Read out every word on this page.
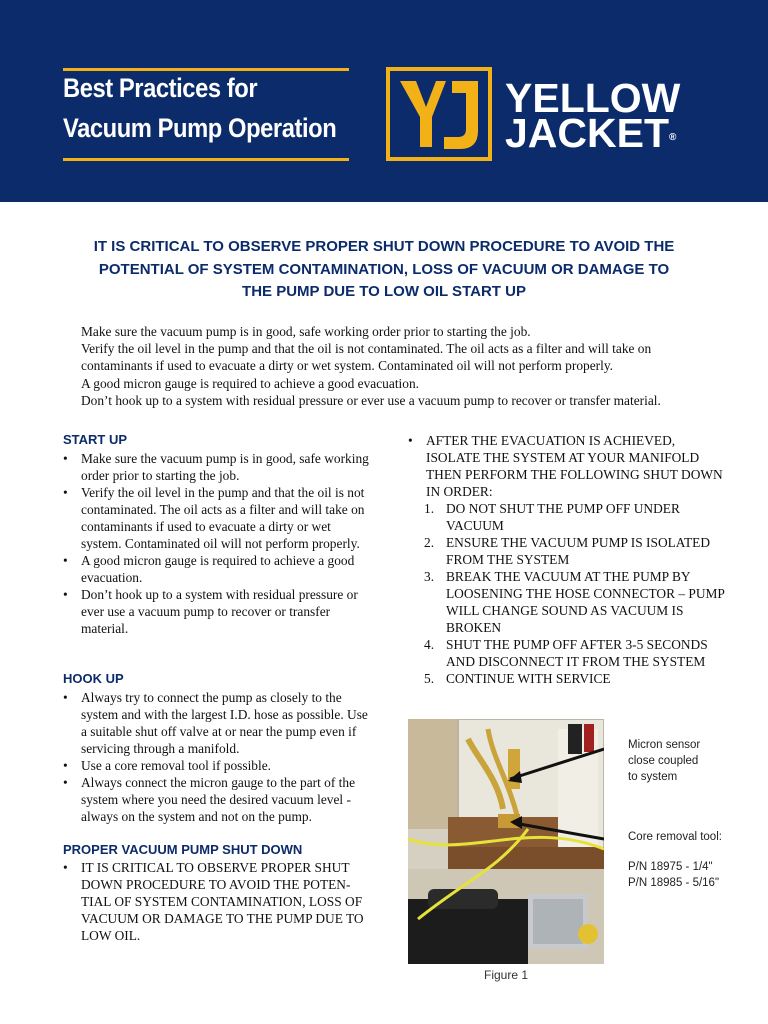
Best Practices for
Vacuum Pump Operation
YELLOW
JACKET®
IT IS CRITICAL TO OBSERVE PROPER SHUT DOWN PROCEDURE TO AVOID THE
POTENTIAL OF SYSTEM CONTAMINATION, LOSS OF VACUUM OR DAMAGE TO
THE PUMP DUE TO LOW OIL START UP

Make sure the vacuum pump is in good, safe working order prior to starting the job.

Verify the oil level in the pump and that the oil is not contaminated. The oil acts as a filter and will take on contaminants if used to evacuate a dirty or wet system. Contaminated oil will not perform properly.

A good micron gauge is required to achieve a good evacuation.

Don’t hook up to a system with residual pressure or ever use a vacuum pump to recover or transfer material.

START UP
• Make sure the vacuum pump is in good, safe working order prior to starting the job.
• Verify the oil level in the pump and that the oil is not contaminated. The oil acts as a filter and will take on contaminants if used to evacuate a dirty or wet system. Contaminated oil will not perform properly.
• A good micron gauge is required to achieve a good evacuation.
• Don’t hook up to a system with residual pressure or ever use a vacuum pump to recover or transfer material.
HOOK UP
• Always try to connect the pump as closely to the system and with the largest I.D. hose as possible. Use a suitable shut off valve at or near the pump even if servicing through a manifold.
• Use a core removal tool if possible.
• Always connect the micron gauge to the part of the system where you need the desired vacuum level - always on the system and not on the pump.
PROPER VACUUM PUMP SHUT DOWN
• IT IS CRITICAL TO OBSERVE PROPER SHUT DOWN PROCEDURE TO AVOID THE POTEN-TIAL OF SYSTEM CONTAMINATION, LOSS OF VACUUM OR DAMAGE TO THE PUMP DUE TO LOW OIL.
• AFTER THE EVACUATION IS ACHIEVED, ISOLATE THE SYSTEM AT YOUR MANIFOLD THEN PERFORM THE FOLLOWING SHUT DOWN IN ORDER:
1. DO NOT SHUT THE PUMP OFF UNDER VACUUM
2. ENSURE THE VACUUM PUMP IS ISOLATED FROM THE SYSTEM
3. BREAK THE VACUUM AT THE PUMP BY LOOSENING THE HOSE CONNECTOR – PUMP WILL CHANGE SOUND AS VACUUM IS BROKEN
4. SHUT THE PUMP OFF AFTER 3-5 SECONDS AND DISCONNECT IT FROM THE SYSTEM
5. CONTINUE WITH SERVICE
Micron sensor
close coupled
to system
Core removal tool:
P/N 18975 - 1/4"
P/N 18985 - 5/16"
Figure 1
